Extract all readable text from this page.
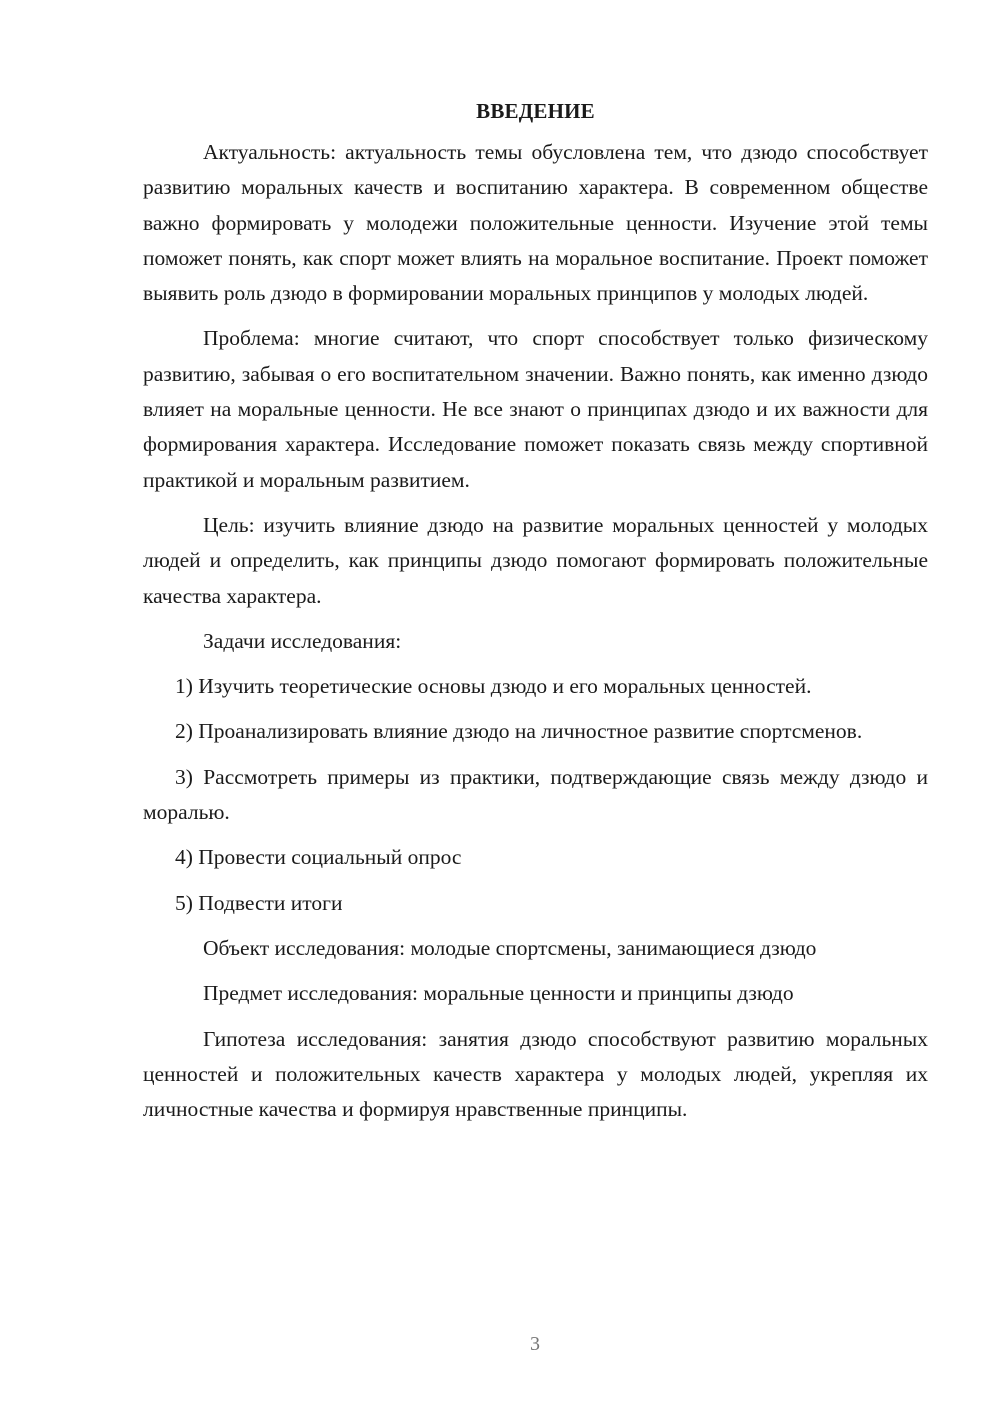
ВВЕДЕНИЕ

Актуальность: актуальность темы обусловлена тем, что дзюдо способствует развитию моральных качеств и воспитанию характера. В современном обществе важно формировать у молодежи положительные ценности. Изучение этой темы поможет понять, как спорт может влиять на моральное воспитание. Проект поможет выявить роль дзюдо в формировании моральных принципов у молодых людей.

Проблема: многие считают, что спорт способствует только физическому развитию, забывая о его воспитательном значении. Важно понять, как именно дзюдо влияет на моральные ценности. Не все знают о принципах дзюдо и их важности для формирования характера. Исследование поможет показать связь между спортивной практикой и моральным развитием.

Цель: изучить влияние дзюдо на развитие моральных ценностей у молодых людей и определить, как принципы дзюдо помогают формировать положительные качества характера.

Задачи исследования:

1) Изучить теоретические основы дзюдо и его моральных ценностей.

2) Проанализировать влияние дзюдо на личностное развитие спортсменов.

3) Рассмотреть примеры из практики, подтверждающие связь между дзюдо и моралью.

4) Провести социальный опрос

5) Подвести итоги

Объект исследования: молодые спортсмены, занимающиеся дзюдо

Предмет исследования: моральные ценности и принципы дзюдо

Гипотеза исследования: занятия дзюдо способствуют развитию моральных ценностей и положительных качеств характера у молодых людей, укрепляя их личностные качества и формируя нравственные принципы.

3
